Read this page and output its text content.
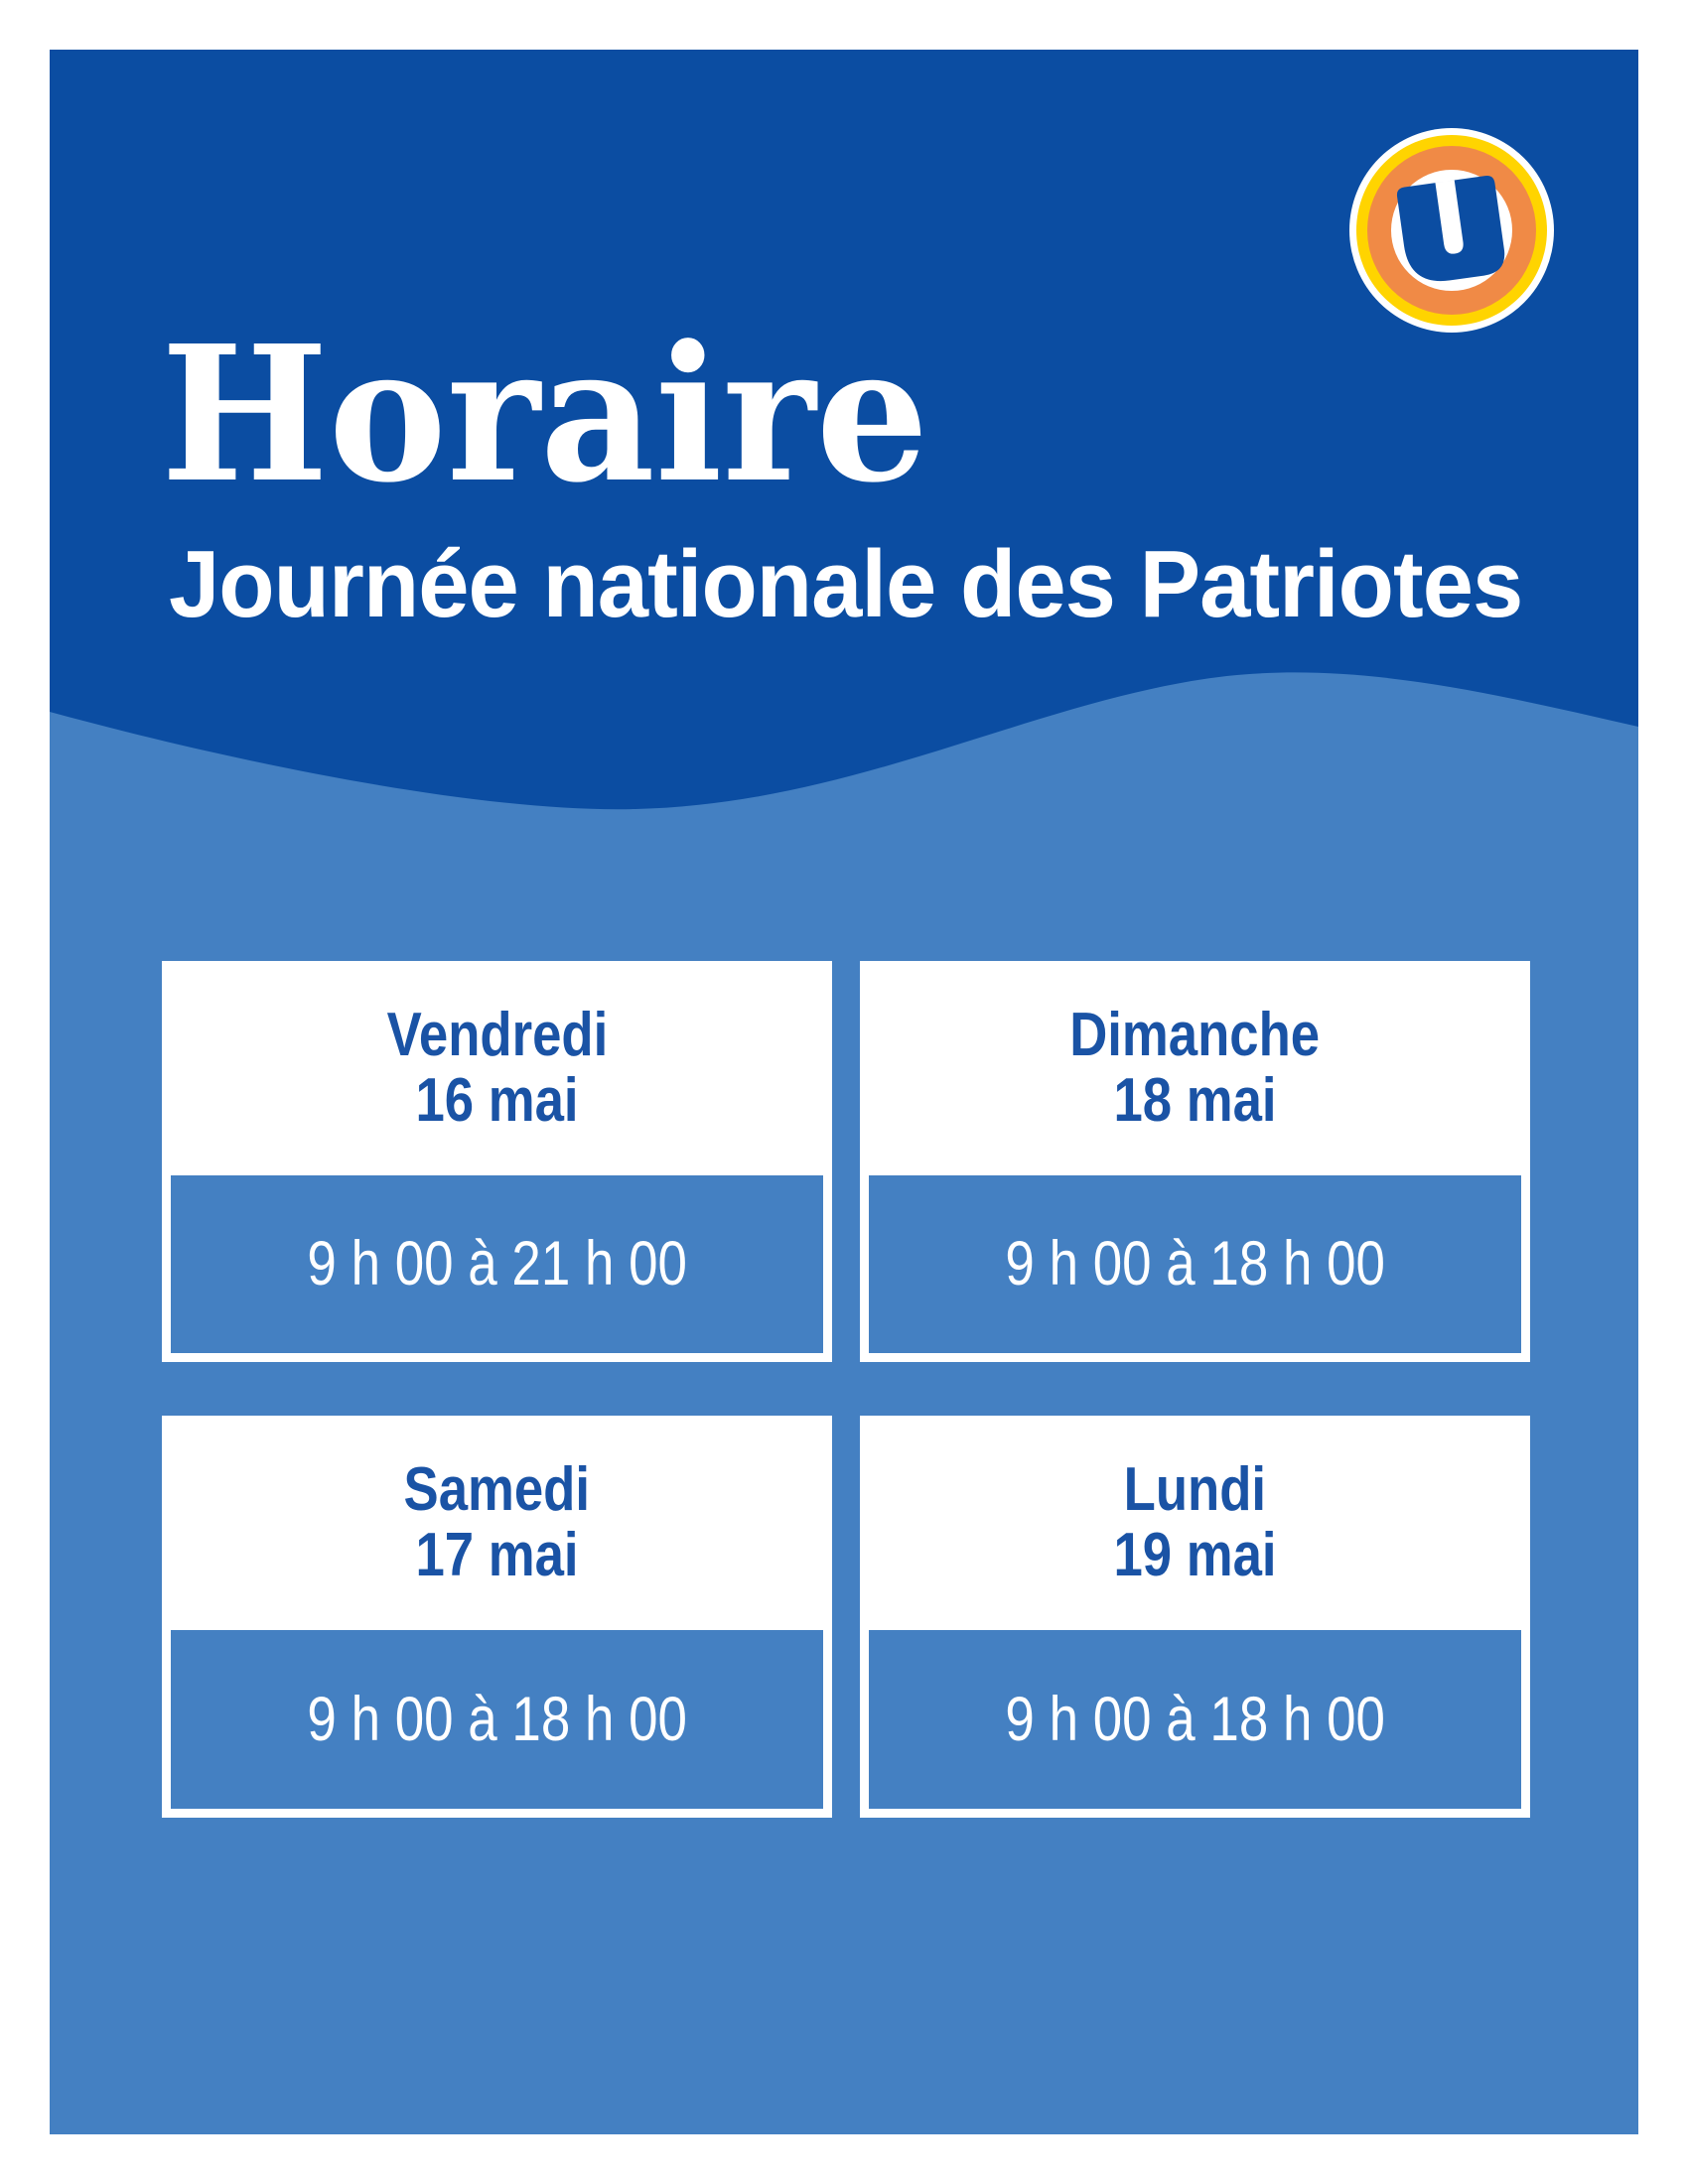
Horaire
Journée nationale des Patriotes
Vendredi
16 mai
9 h 00 à 21 h 00
Dimanche
18 mai
9 h 00 à 18 h 00
Samedi
17 mai
9 h 00 à 18 h 00
Lundi
19 mai
9 h 00 à 18 h 00
